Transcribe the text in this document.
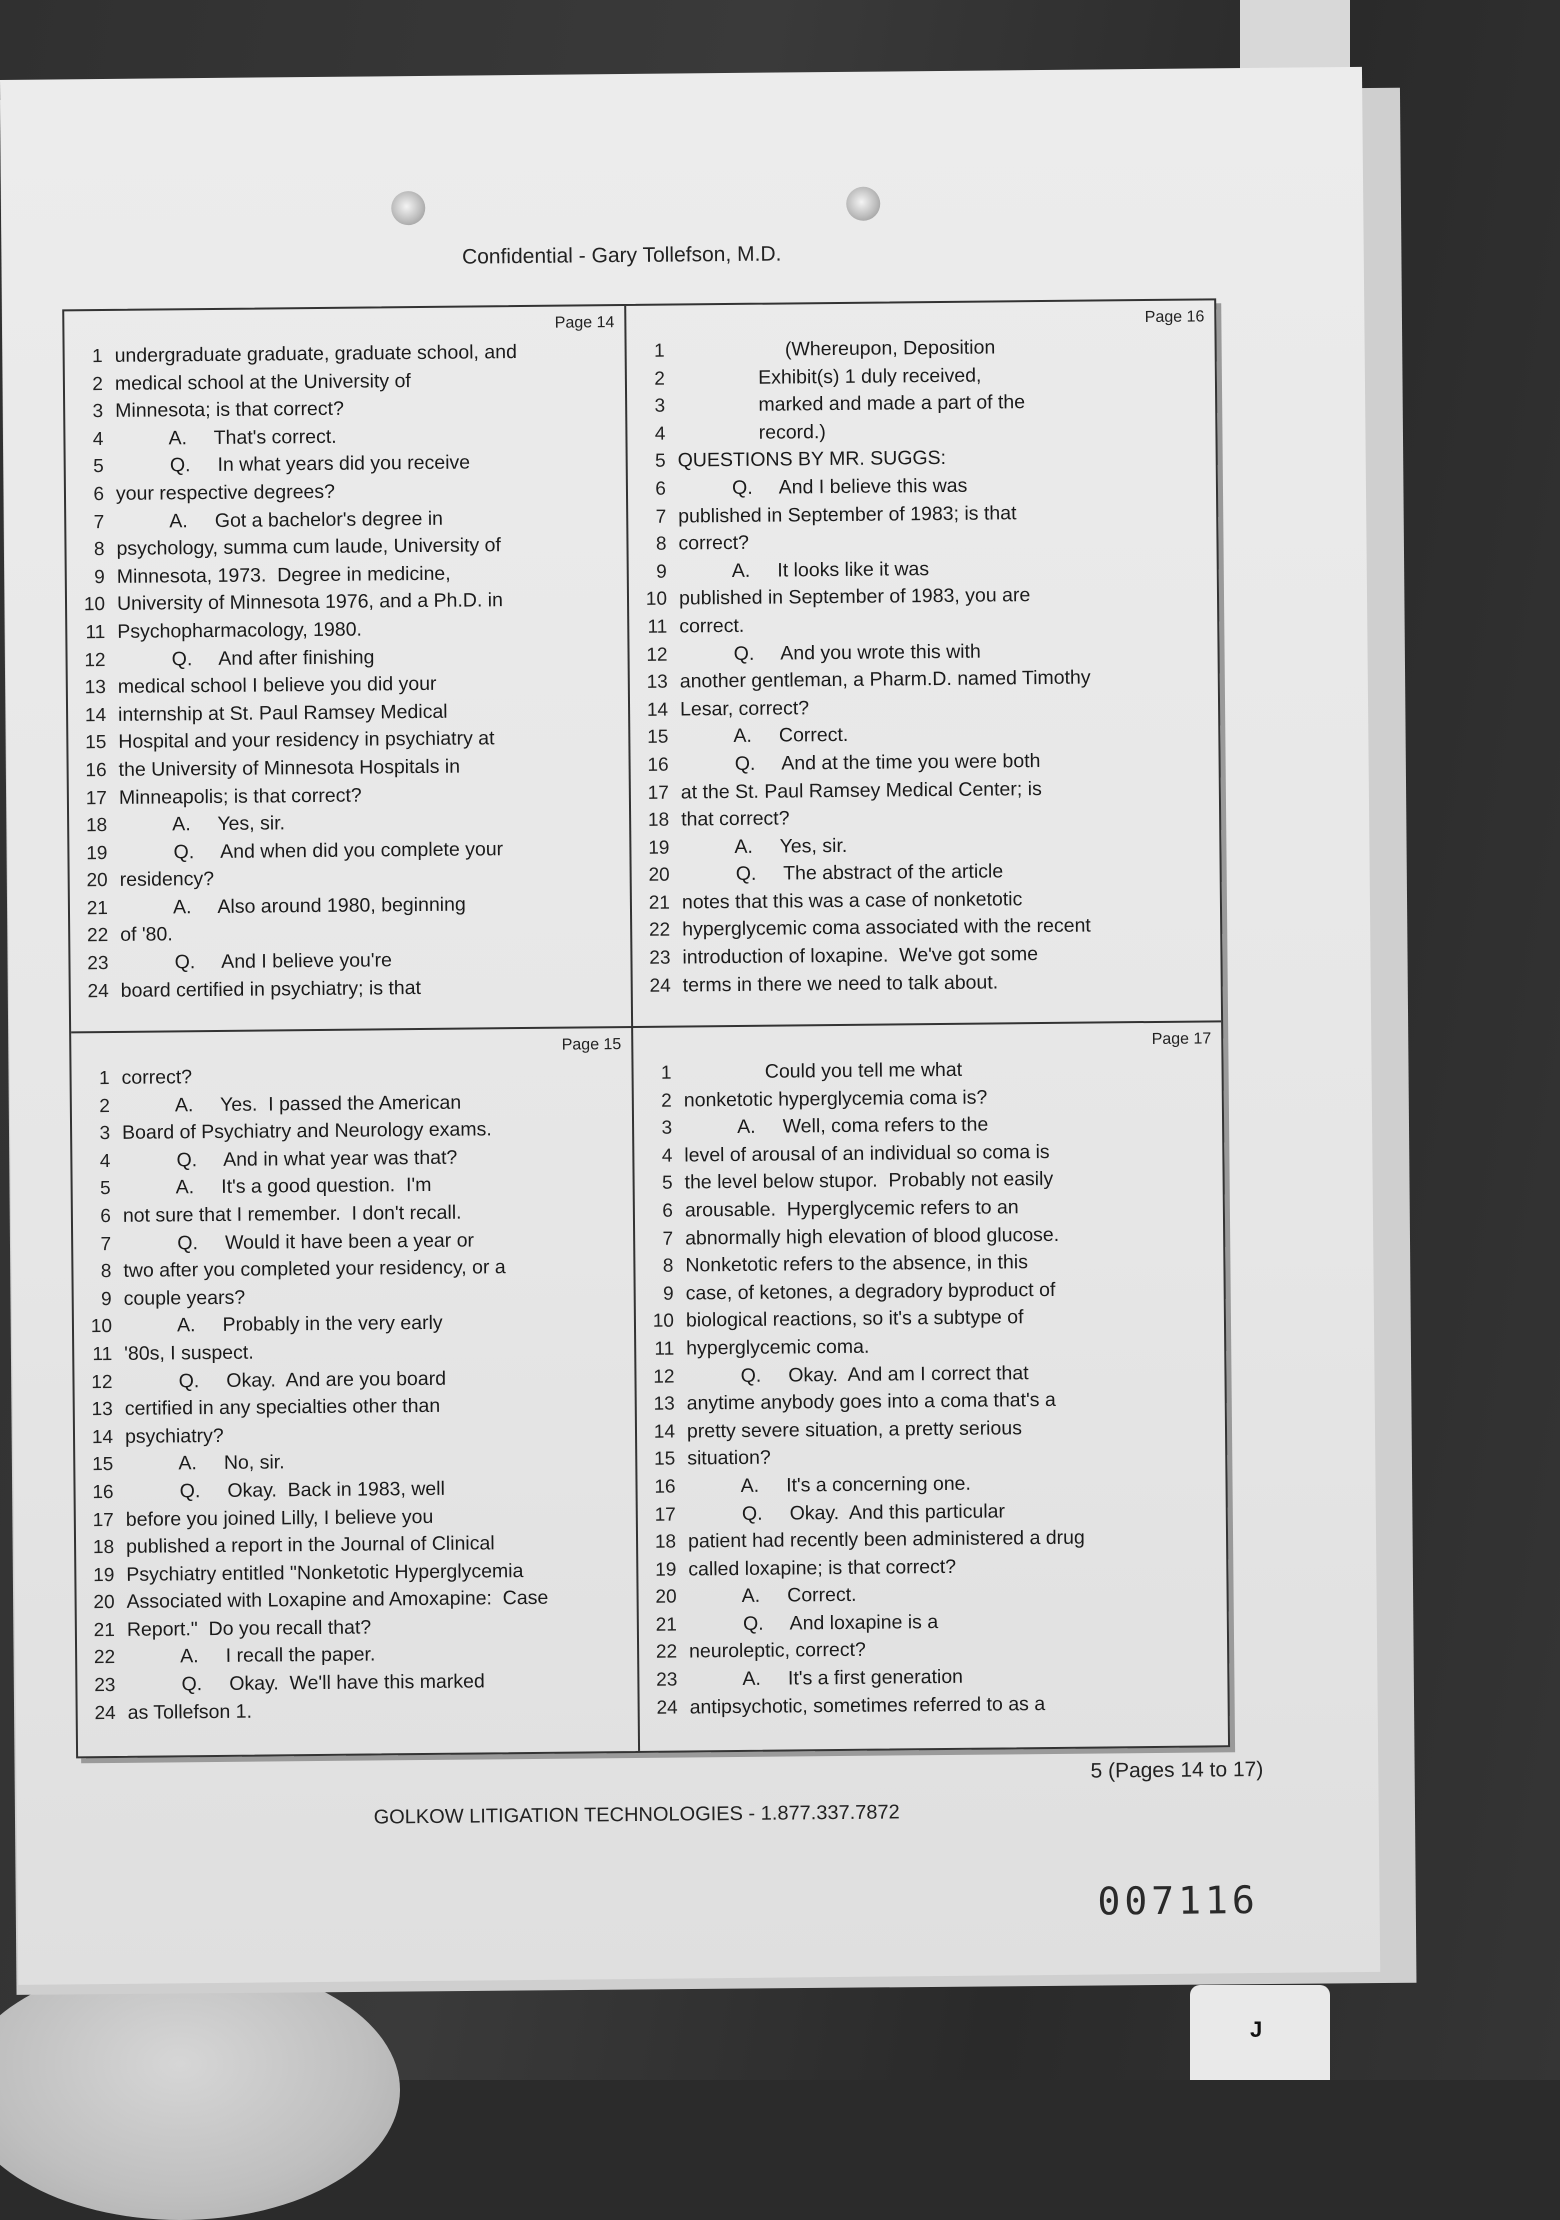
Confidential - Gary Tollefson, M.D.
Page 14
1 undergraduate graduate, graduate school, and
2 medical school at the University of
3 Minnesota; is that correct?
4 A.     That's correct.
5 Q.     In what years did you receive
6 your respective degrees?
7 A.     Got a bachelor's degree in
8 psychology, summa cum laude, University of
9 Minnesota, 1973.  Degree in medicine,
10 University of Minnesota 1976, and a Ph.D. in
11 Psychopharmacology, 1980.
12 Q.     And after finishing
13 medical school I believe you did your
14 internship at St. Paul Ramsey Medical
15 Hospital and your residency in psychiatry at
16 the University of Minnesota Hospitals in
17 Minneapolis; is that correct?
18 A.     Yes, sir.
19 Q.     And when did you complete your
20 residency?
21 A.     Also around 1980, beginning
22 of '80.
23 Q.     And I believe you're
24 board certified in psychiatry; is that
Page 16
1 (Whereupon, Deposition
2 Exhibit(s) 1 duly received,
3 marked and made a part of the
4 record.)
5 QUESTIONS BY MR. SUGGS:
6 Q.     And I believe this was
7 published in September of 1983; is that
8 correct?
9 A.     It looks like it was
10 published in September of 1983, you are
11 correct.
12 Q.     And you wrote this with
13 another gentleman, a Pharm.D. named Timothy
14 Lesar, correct?
15 A.     Correct.
16 Q.     And at the time you were both
17 at the St. Paul Ramsey Medical Center; is
18 that correct?
19 A.     Yes, sir.
20 Q.     The abstract of the article
21 notes that this was a case of nonketotic
22 hyperglycemic coma associated with the recent
23 introduction of loxapine.  We've got some
24 terms in there we need to talk about.
Page 15
1 correct?
2 A.     Yes.  I passed the American
3 Board of Psychiatry and Neurology exams.
4 Q.     And in what year was that?
5 A.     It's a good question.  I'm
6 not sure that I remember.  I don't recall.
7 Q.     Would it have been a year or
8 two after you completed your residency, or a
9 couple years?
10 A.     Probably in the very early
11 '80s, I suspect.
12 Q.     Okay.  And are you board
13 certified in any specialties other than
14 psychiatry?
15 A.     No, sir.
16 Q.     Okay.  Back in 1983, well
17 before you joined Lilly, I believe you
18 published a report in the Journal of Clinical
19 Psychiatry entitled "Nonketotic Hyperglycemia
20 Associated with Loxapine and Amoxapine:  Case
21 Report."  Do you recall that?
22 A.     I recall the paper.
23 Q.     Okay.  We'll have this marked
24 as Tollefson 1.
Page 17
1 Could you tell me what
2 nonketotic hyperglycemia coma is?
3 A.     Well, coma refers to the
4 level of arousal of an individual so coma is
5 the level below stupor.  Probably not easily
6 arousable.  Hyperglycemic refers to an
7 abnormally high elevation of blood glucose.
8 Nonketotic refers to the absence, in this
9 case, of ketones, a degradory byproduct of
10 biological reactions, so it's a subtype of
11 hyperglycemic coma.
12 Q.     Okay.  And am I correct that
13 anytime anybody goes into a coma that's a
14 pretty severe situation, a pretty serious
15 situation?
16 A.     It's a concerning one.
17 Q.     Okay.  And this particular
18 patient had recently been administered a drug
19 called loxapine; is that correct?
20 A.     Correct.
21 Q.     And loxapine is a
22 neuroleptic, correct?
23 A.     It's a first generation
24 antipsychotic, sometimes referred to as a
5 (Pages 14 to 17)
GOLKOW LITIGATION TECHNOLOGIES - 1.877.337.7872
007116
J
